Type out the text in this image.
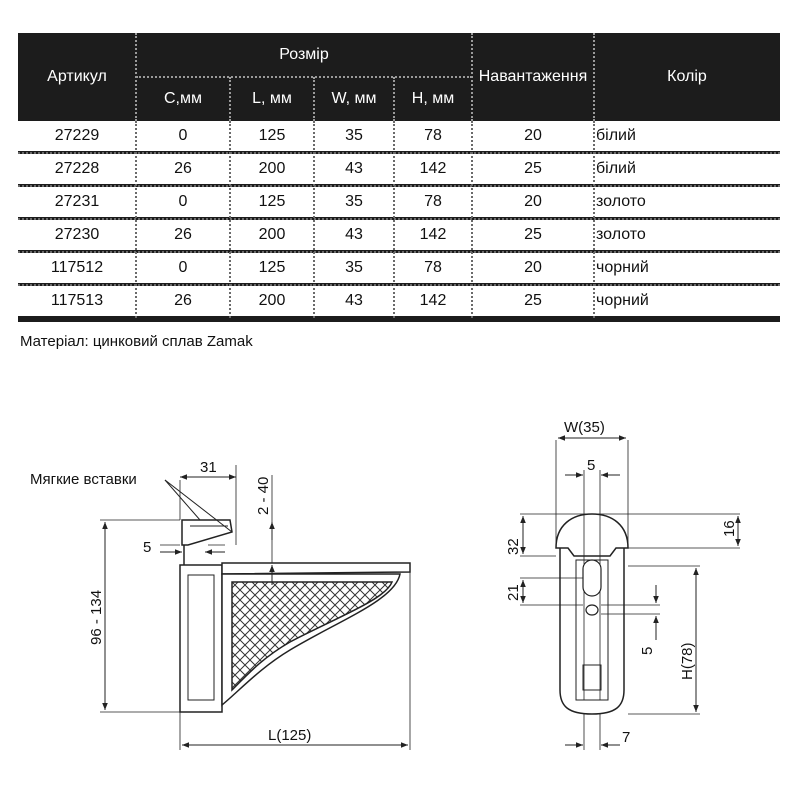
Артикул
Розмір
C,мм	L, мм	W, мм	H, мм
Навантаження	Колір
27229	0	125	35	78	20	білий
27228	26	200	43	142	25	білий
27231	0	125	35	78	20	золото
27230	26	200	43	142	25	золото
117512	0	125	35	78	20	чорний
117513	26	200	43	142	25	чорний
Матеріал: цинковий сплав Zamak
Мягкие вставки
31
2 - 40
5
96 - 134
L(125)
W(35)
5
32
16
21
5 H(78)
7
